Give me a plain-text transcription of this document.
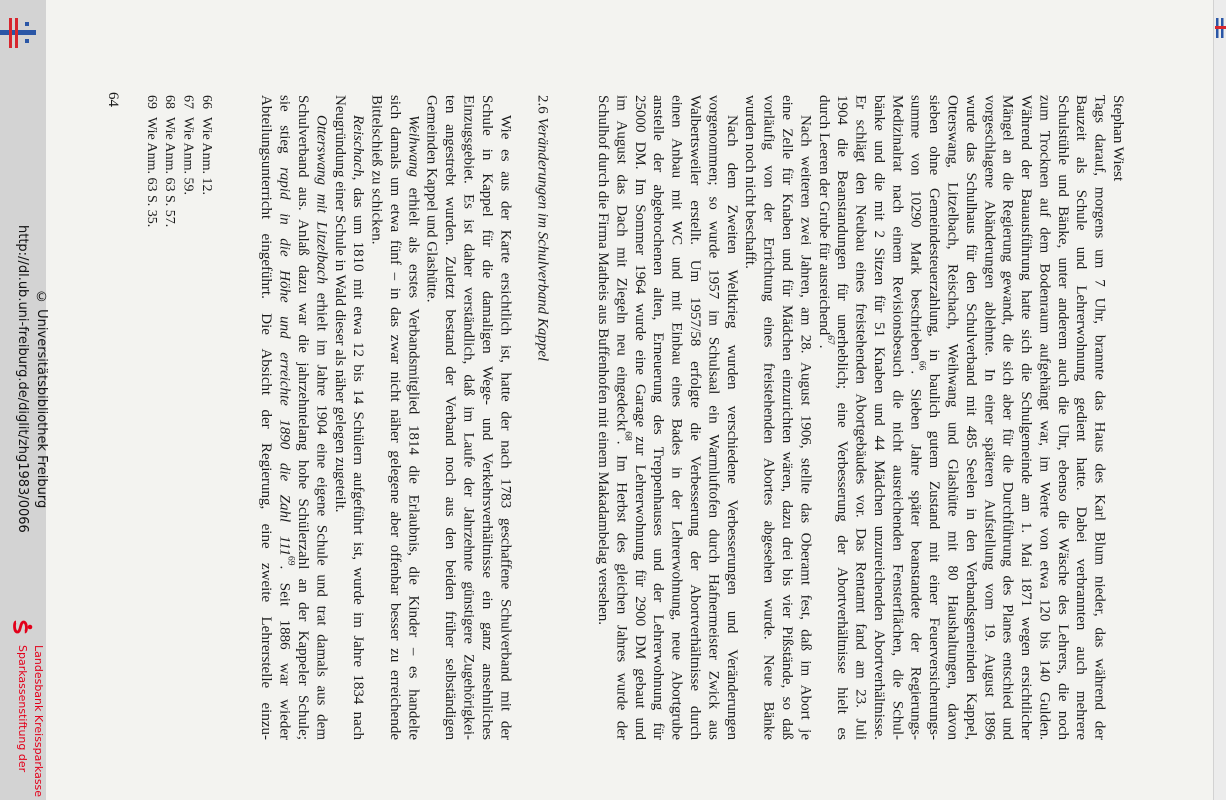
http://dl.ub.uni-freiburg.de/diglit/zhg1983/0066 © Universitätsbibliothek Freiburg
Sparkassenstiftung der Landesbank Kreissparkasse
64	66Wie Anm. 12.
67Wie Anm. 59.
68Wie Anm. 63 S. 57.
69Wie Anm. 63 S. 35.	Stephan Wiest
Tags darauf, morgens um 7 Uhr, brannte das Haus des Karl Blum nieder, das während der
Bauzeit als Schule und Lehrerwohnung gedient hatte. Dabei verbrannten auch mehrere
Schulstühle und Bänke, unter anderem auch die Uhr, ebenso die Wäsche des Lehrers, die noch
zum Trocknen auf dem Bodenraum aufgehängt war, im Werte von etwa 120 bis 140 Gulden.
Während der Bauausführung hatte sich die Schulgemeinde am 1. Mai 1871 wegen ersichtlicher
Mängel an die Regierung gewandt, die sich aber für die Durchführung des Planes entschied und
vorgeschlagene Abänderungen ablehnte. In einer späteren Aufstellung vom 19. August 1896
wurde das Schulhaus für den Schulverband mit 485 Seelen in den Verbandsgemeinden Kappel,
Otterswang, Litzelbach, Reischach, Weihwang und Glashütte mit 80 Haushaltungen, davon
sieben ohne Gemeindesteuerzahlung, in baulich gutem Zustand mit einer Feuerversicherungs-
summe von 10290 Mark beschrieben$^{66}$. Sieben Jahre später beanstandete der Regierungs-
Medizinalrat nach einem Revisionsbesuch die nicht ausreichenden Fensterflächen, die Schul-
bänke und die mit 2 Sitzen für 51 Knaben und 44 Mädchen unzureichenden Abortverhältnisse.
Er schlägt den Neubau eines freistehenden Abortgebäudes vor. Das Rentamt fand am 23. Juli
1904 die Beanstandungen für unerheblich; eine Verbesserung der Abortverhältnisse hielt es
durch Leeren der Grube für ausreichend$^{67}$.
Nach weiteren zwei Jahren, am 28. August 1906, stellte das Oberamt fest, daß im Abort je
eine Zelle für Knaben und für Mädchen einzurichten wären, dazu drei bis vier Pißstände, so daß
vorläufig von der Errichtung eines freistehenden Abortes abgesehen wurde. Neue Bänke
wurden noch nicht beschafft.
Nach dem Zweiten Weltkrieg wurden verschiedene Verbesserungen und Veränderungen
vorgenommen; so wurde 1957 im Schulsaal ein Warmluftofen durch Hafnermeister Zwick aus
Walbertsweiler erstellt. Um 1957/58 erfolgte die Verbesserung der Abortverhältnisse durch
einen Anbau mit WC und mit Einbau eines Bades in der Lehrerwohnung, neue Abortgrube
anstelle der abgebrochenen alten, Erneuerung des Treppenhauses und der Lehrerwohnung für
25000 DM. Im Sommer 1964 wurde eine Garage zur Lehrerwohnung für 2900 DM gebaut und
im August das Dach mit Ziegeln neu eingedeckt$^{68}$. Im Herbst des gleichen Jahres wurde der
Schulhof durch die Firma Matheis aus Buffenhofen mit einem Makadambelag versehen.
2.6 Veränderungen im Schulverband Kappel
Wie es aus der Karte ersichtlich ist, hatte der nach 1783 geschaffene Schulverband mit der
Schule in Kappel für die damaligen Wege- und Verkehrsverhältnisse ein ganz ansehnliches
Einzugsgebiet. Es ist daher verständlich, daß im Laufe der Jahrzehnte günstigere Zugehörigkei-
ten angestrebt wurden. Zuletzt bestand der Verband noch aus den beiden früher selbständigen
Gemeinden Kappel und Glashütte.
Weihwang erhielt als erstes Verbandsmitglied 1814 die Erlaubnis, die Kinder – es handelte
sich damals um etwa fünf – in das zwar nicht näher gelegene aber offenbar besser zu erreichende
Bittelschieß zu schicken.
Reischach, das um 1810 mit etwa 12 bis 14 Schülern aufgeführt ist, wurde im Jahre 1834 nach
Neugründung einer Schule in Wald dieser als näher gelegen zugeteilt.
Otterswang mit Litzelbach erhielt im Jahre 1904 eine eigene Schule und trat damals aus dem
Schulverband aus. Anlaß dazu war die jahrzehntelang hohe Schülerzahl an der Kappeler Schule;
sie stieg rapid in die Höhe und erreichte 1890 die Zahl $111^{69}$. Seit 1886 war wieder
Abteilungsunterricht eingeführt. Die Absicht der Regierung, eine zweite Lehrerstelle einzu-
